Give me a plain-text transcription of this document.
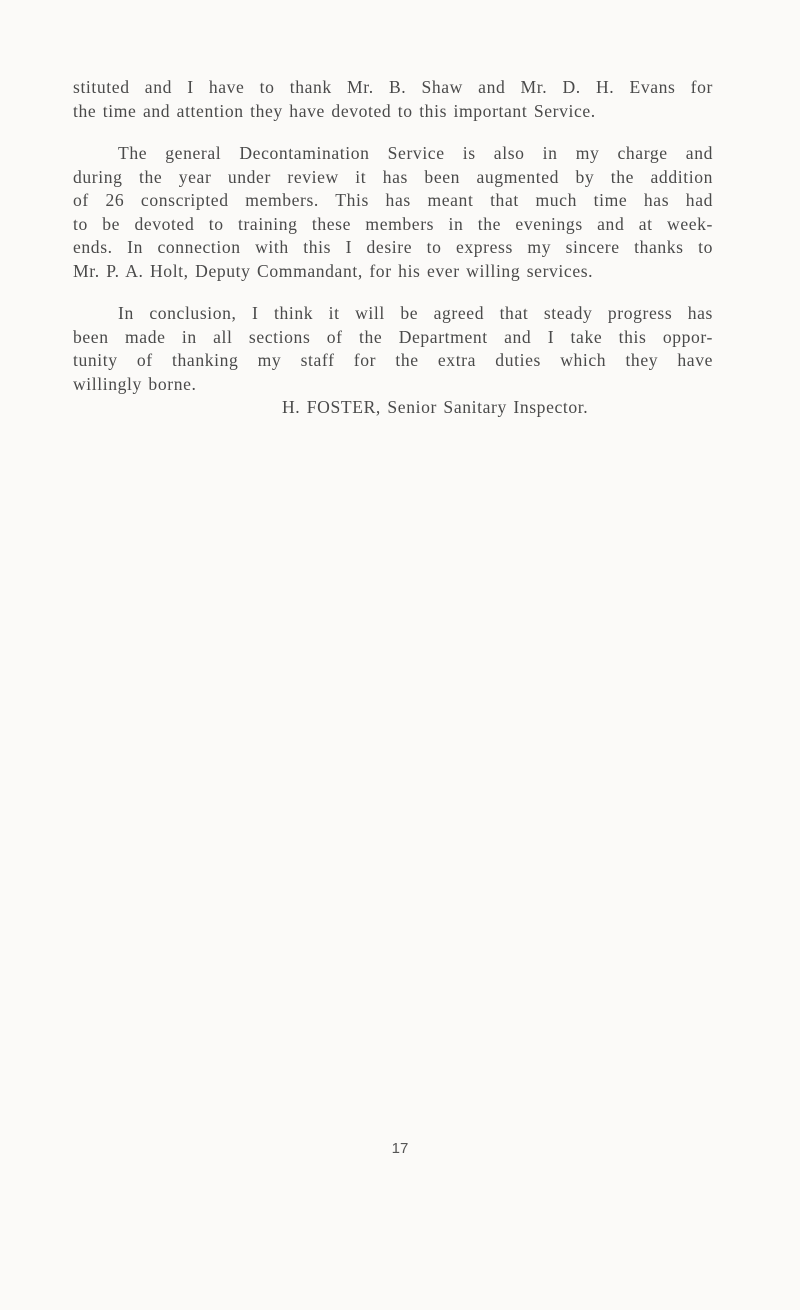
stituted and I have to thank Mr. B. Shaw and Mr. D. H. Evans for
the time and attention they have devoted to this important Service.
The general Decontamination Service is also in my charge and
during the year under review it has been augmented by the addition
of 26 conscripted members. This has meant that much time has had
to be devoted to training these members in the evenings and at week-
ends. In connection with this I desire to express my sincere thanks to
Mr. P. A. Holt, Deputy Commandant, for his ever willing services.
In conclusion, I think it will be agreed that steady progress has
been made in all sections of the Department and I take this oppor-
tunity of thanking my staff for the extra duties which they have
willingly borne.
H. FOSTER, Senior Sanitary Inspector.
17
